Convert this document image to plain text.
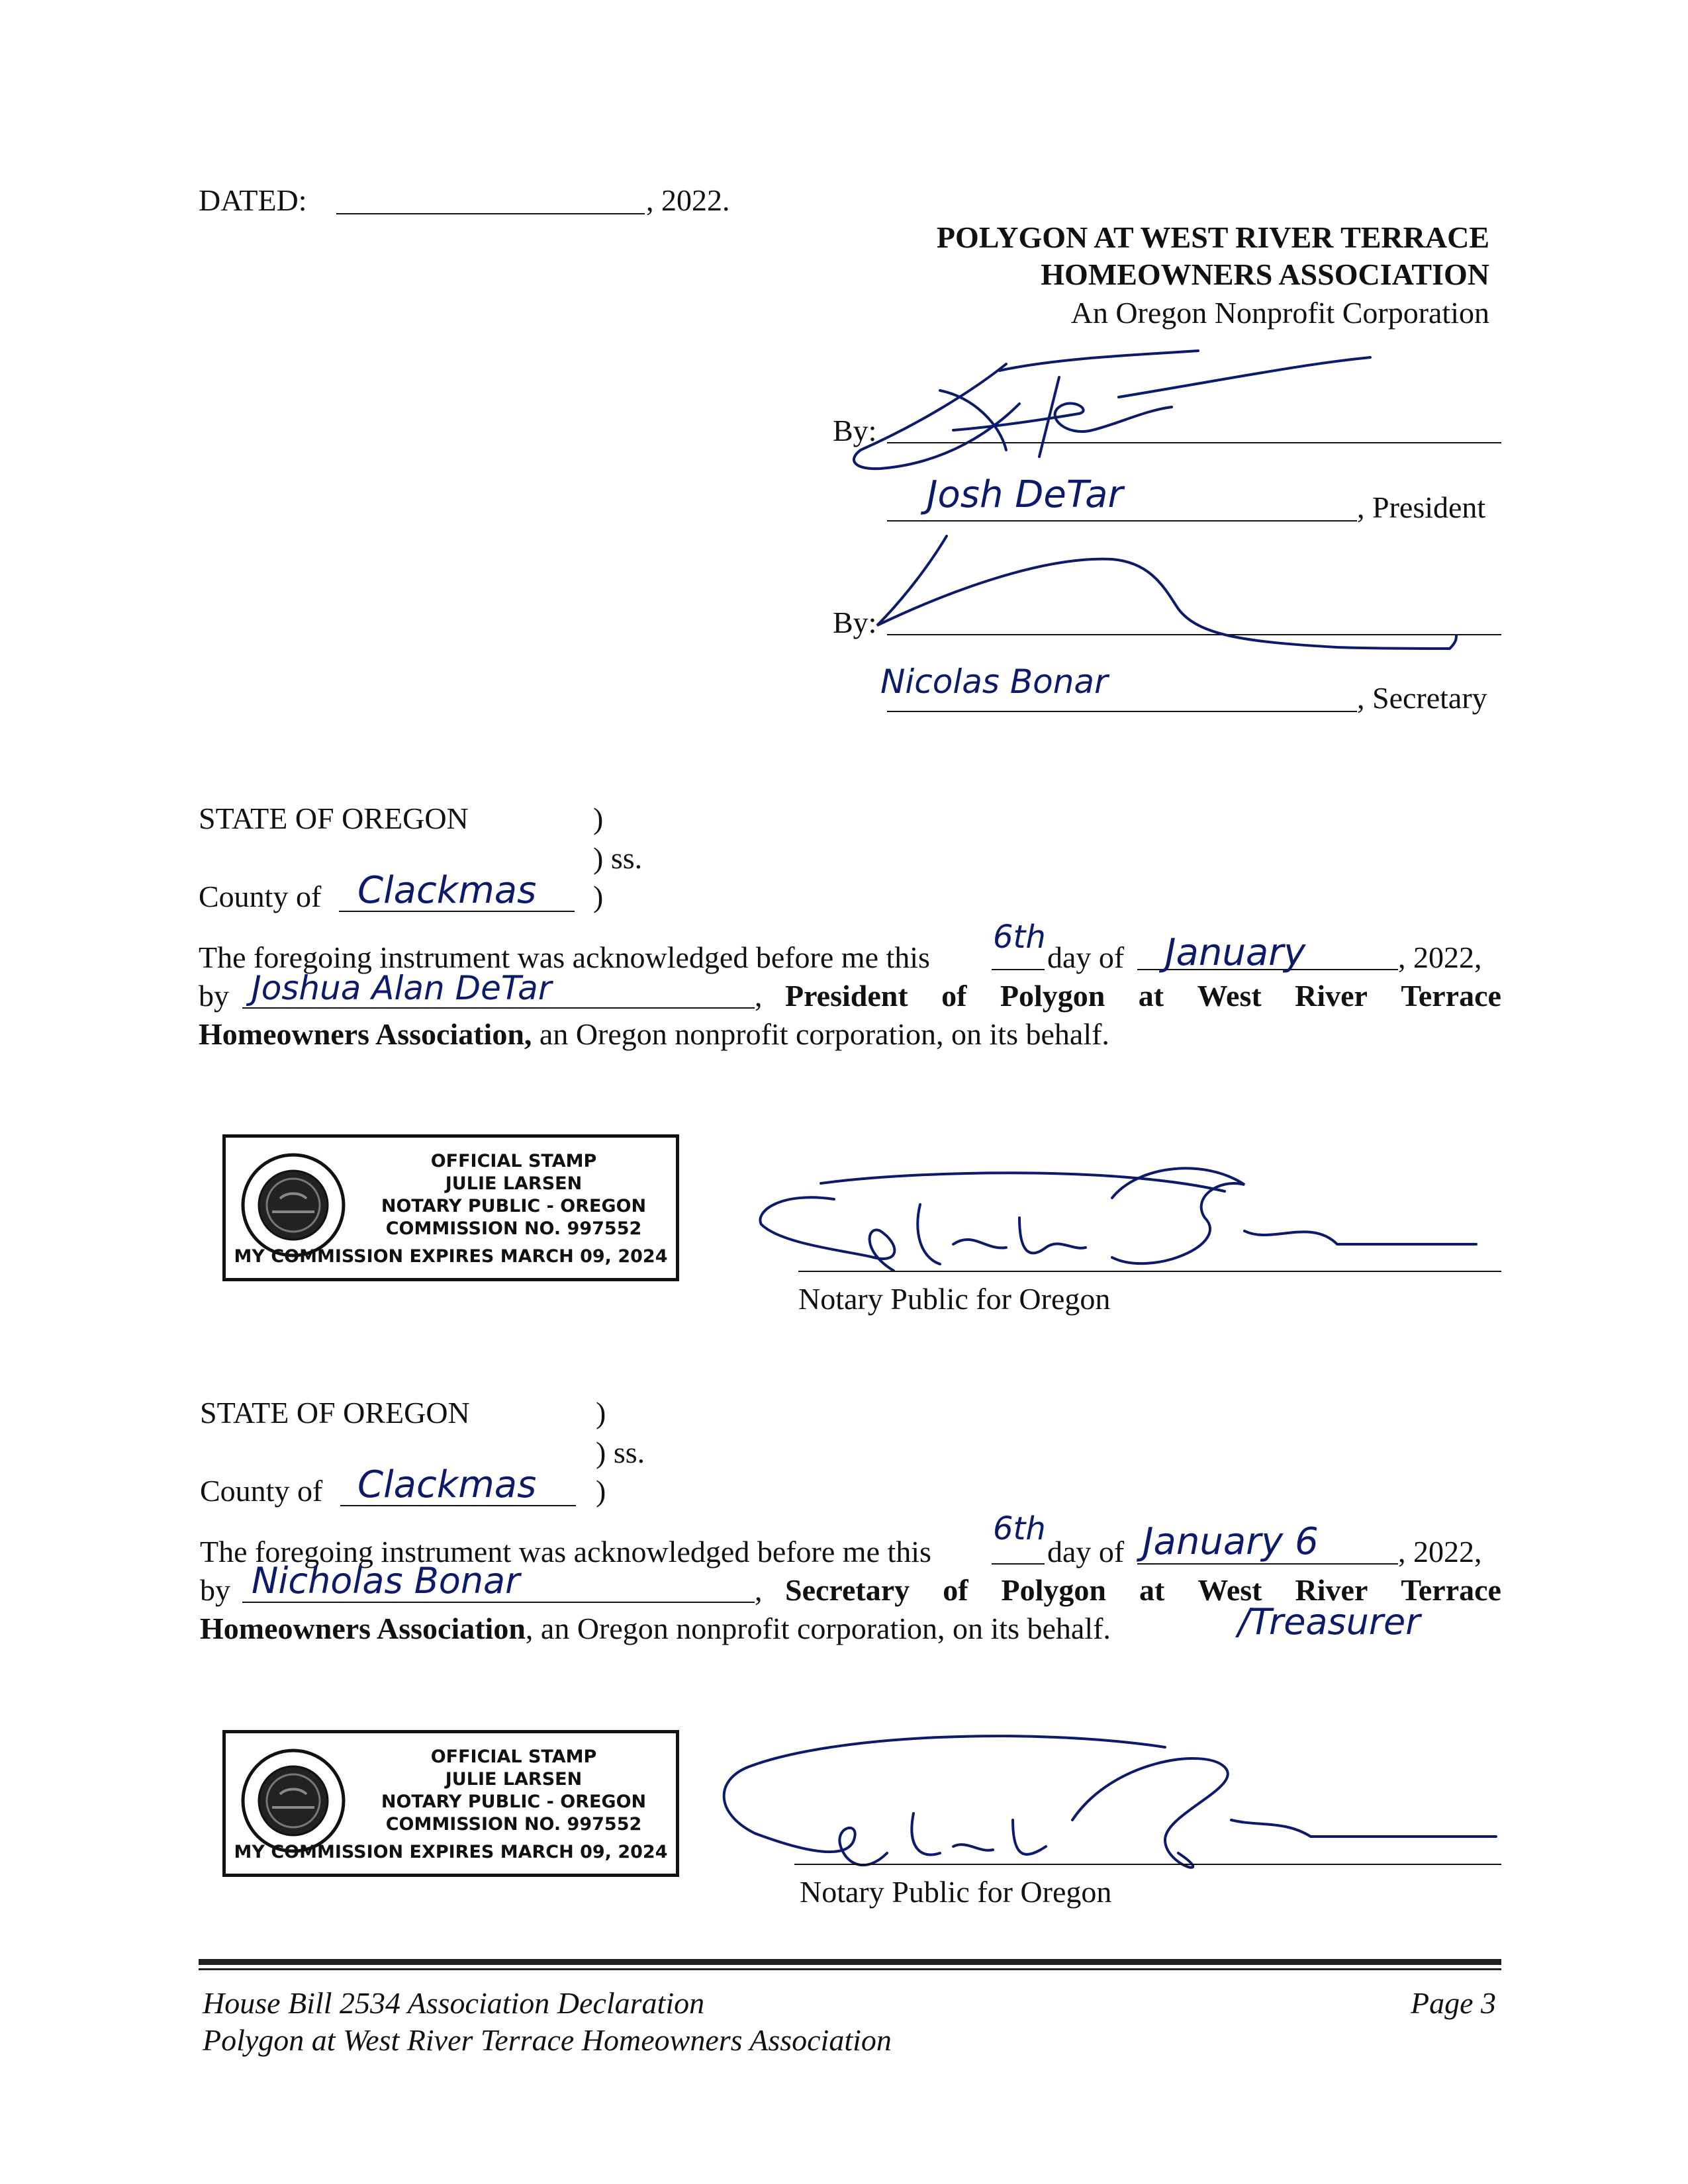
DATED:	, 2022.
POLYGON AT WEST RIVER TERRACE
HOMEOWNERS ASSOCIATION
An Oregon Nonprofit Corporation
By:
Josh DeTar	, President
By:
Nicolas Bonar	, Secretary
STATE OF OREGON	)
) ss.
County of Clackmas )
The foregoing instrument was acknowledged before me this
6th
day of January	, 2022,
by Joshua Alan DeTar	, President of Polygon at West River Terrace
Homeowners Association, an Oregon nonprofit corporation, on its behalf.
OFFICIAL STAMP
JULIE LARSEN
NOTARY PUBLIC - OREGON
COMMISSION NO. 997552
MY COMMISSION EXPIRES MARCH 09, 2024
Notary Public for Oregon
STATE OF OREGON	)
) ss.
County of Clackmas )
The foregoing instrument was acknowledged before me this
6th
day of January 6	, 2022,
by Nicholas Bonar	, Secretary of Polygon at West River Terrace
Homeowners Association, an Oregon nonprofit corporation, on its behalf.	/Treasurer
OFFICIAL STAMP
JULIE LARSEN
NOTARY PUBLIC - OREGON
COMMISSION NO. 997552
MY COMMISSION EXPIRES MARCH 09, 2024
Notary Public for Oregon
House Bill 2534 Association Declaration
Polygon at West River Terrace Homeowners Association
Page 3
